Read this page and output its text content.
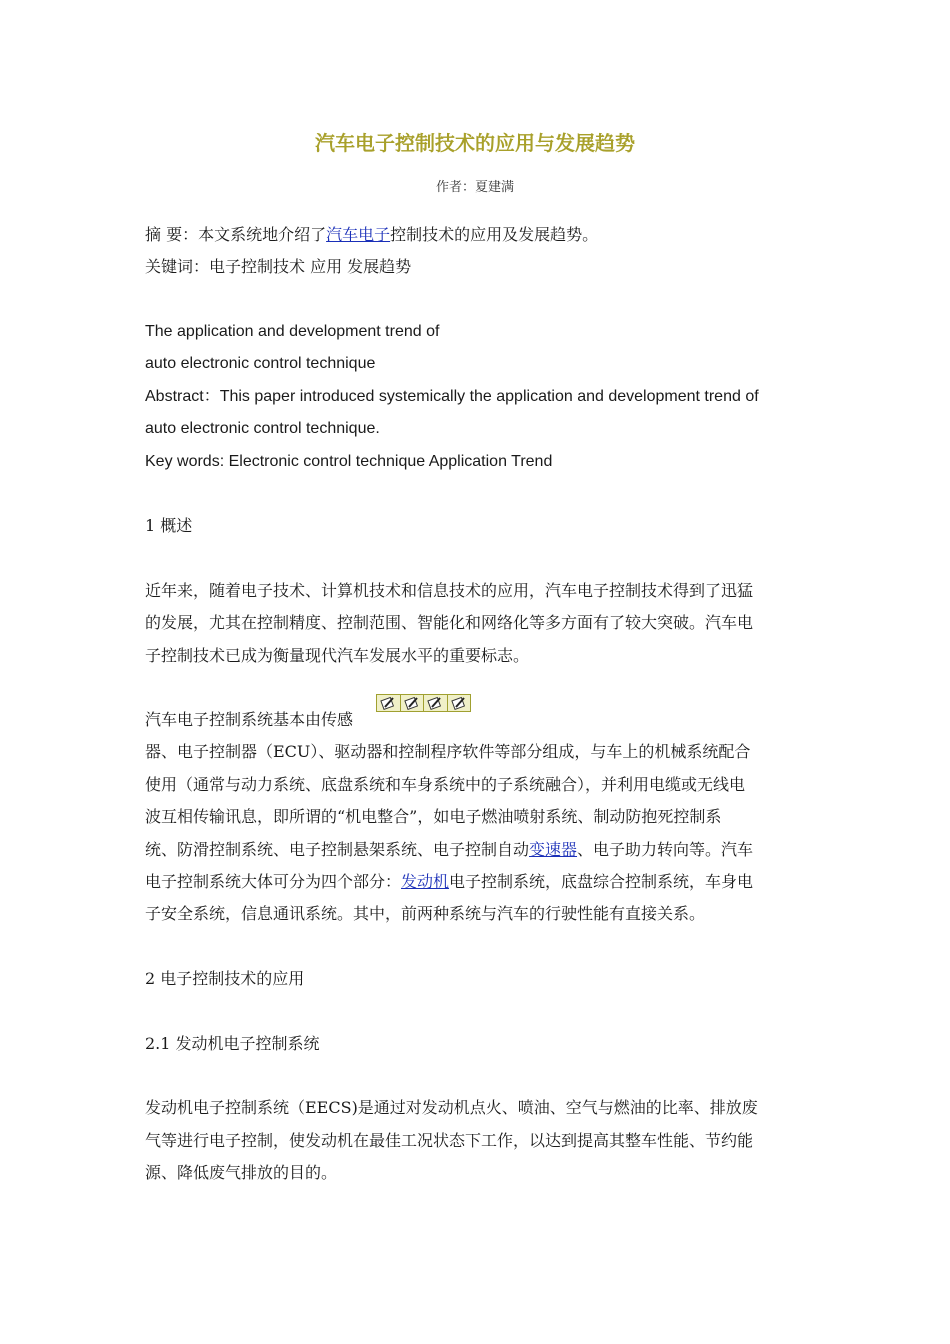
汽车电子控制技术的应用与发展趋势
作者：夏建满
摘 要：本文系统地介绍了汽车电子控制技术的应用及发展趋势。
关键词：电子控制技术 应用 发展趋势
The application and development trend of
auto electronic control technique
Abstract：This paper introduced systemically the application and development trend of
auto electronic control technique.
Key words: Electronic control technique Application Trend
1 概述
近年来，随着电子技术、计算机技术和信息技术的应用，汽车电子控制技术得到了迅猛
的发展，尤其在控制精度、控制范围、智能化和网络化等多方面有了较大突破。汽车电
子控制技术已成为衡量现代汽车发展水平的重要标志。
汽车电子控制系统基本由传感
器、电子控制器（ECU）、驱动器和控制程序软件等部分组成，与车上的机械系统配合
使用（通常与动力系统、底盘系统和车身系统中的子系统融合），并利用电缆或无线电
波互相传输讯息，即所谓的“机电整合”，如电子燃油喷射系统、制动防抱死控制系
统、防滑控制系统、电子控制悬架系统、电子控制自动变速器、电子助力转向等。汽车
电子控制系统大体可分为四个部分：发动机电子控制系统，底盘综合控制系统，车身电
子安全系统，信息通讯系统。其中，前两种系统与汽车的行驶性能有直接关系。
2 电子控制技术的应用
2.1 发动机电子控制系统
发动机电子控制系统（EECS)是通过对发动机点火、喷油、空气与燃油的比率、排放废
气等进行电子控制，使发动机在最佳工况状态下工作，以达到提高其整车性能、节约能
源、降低废气排放的目的。
